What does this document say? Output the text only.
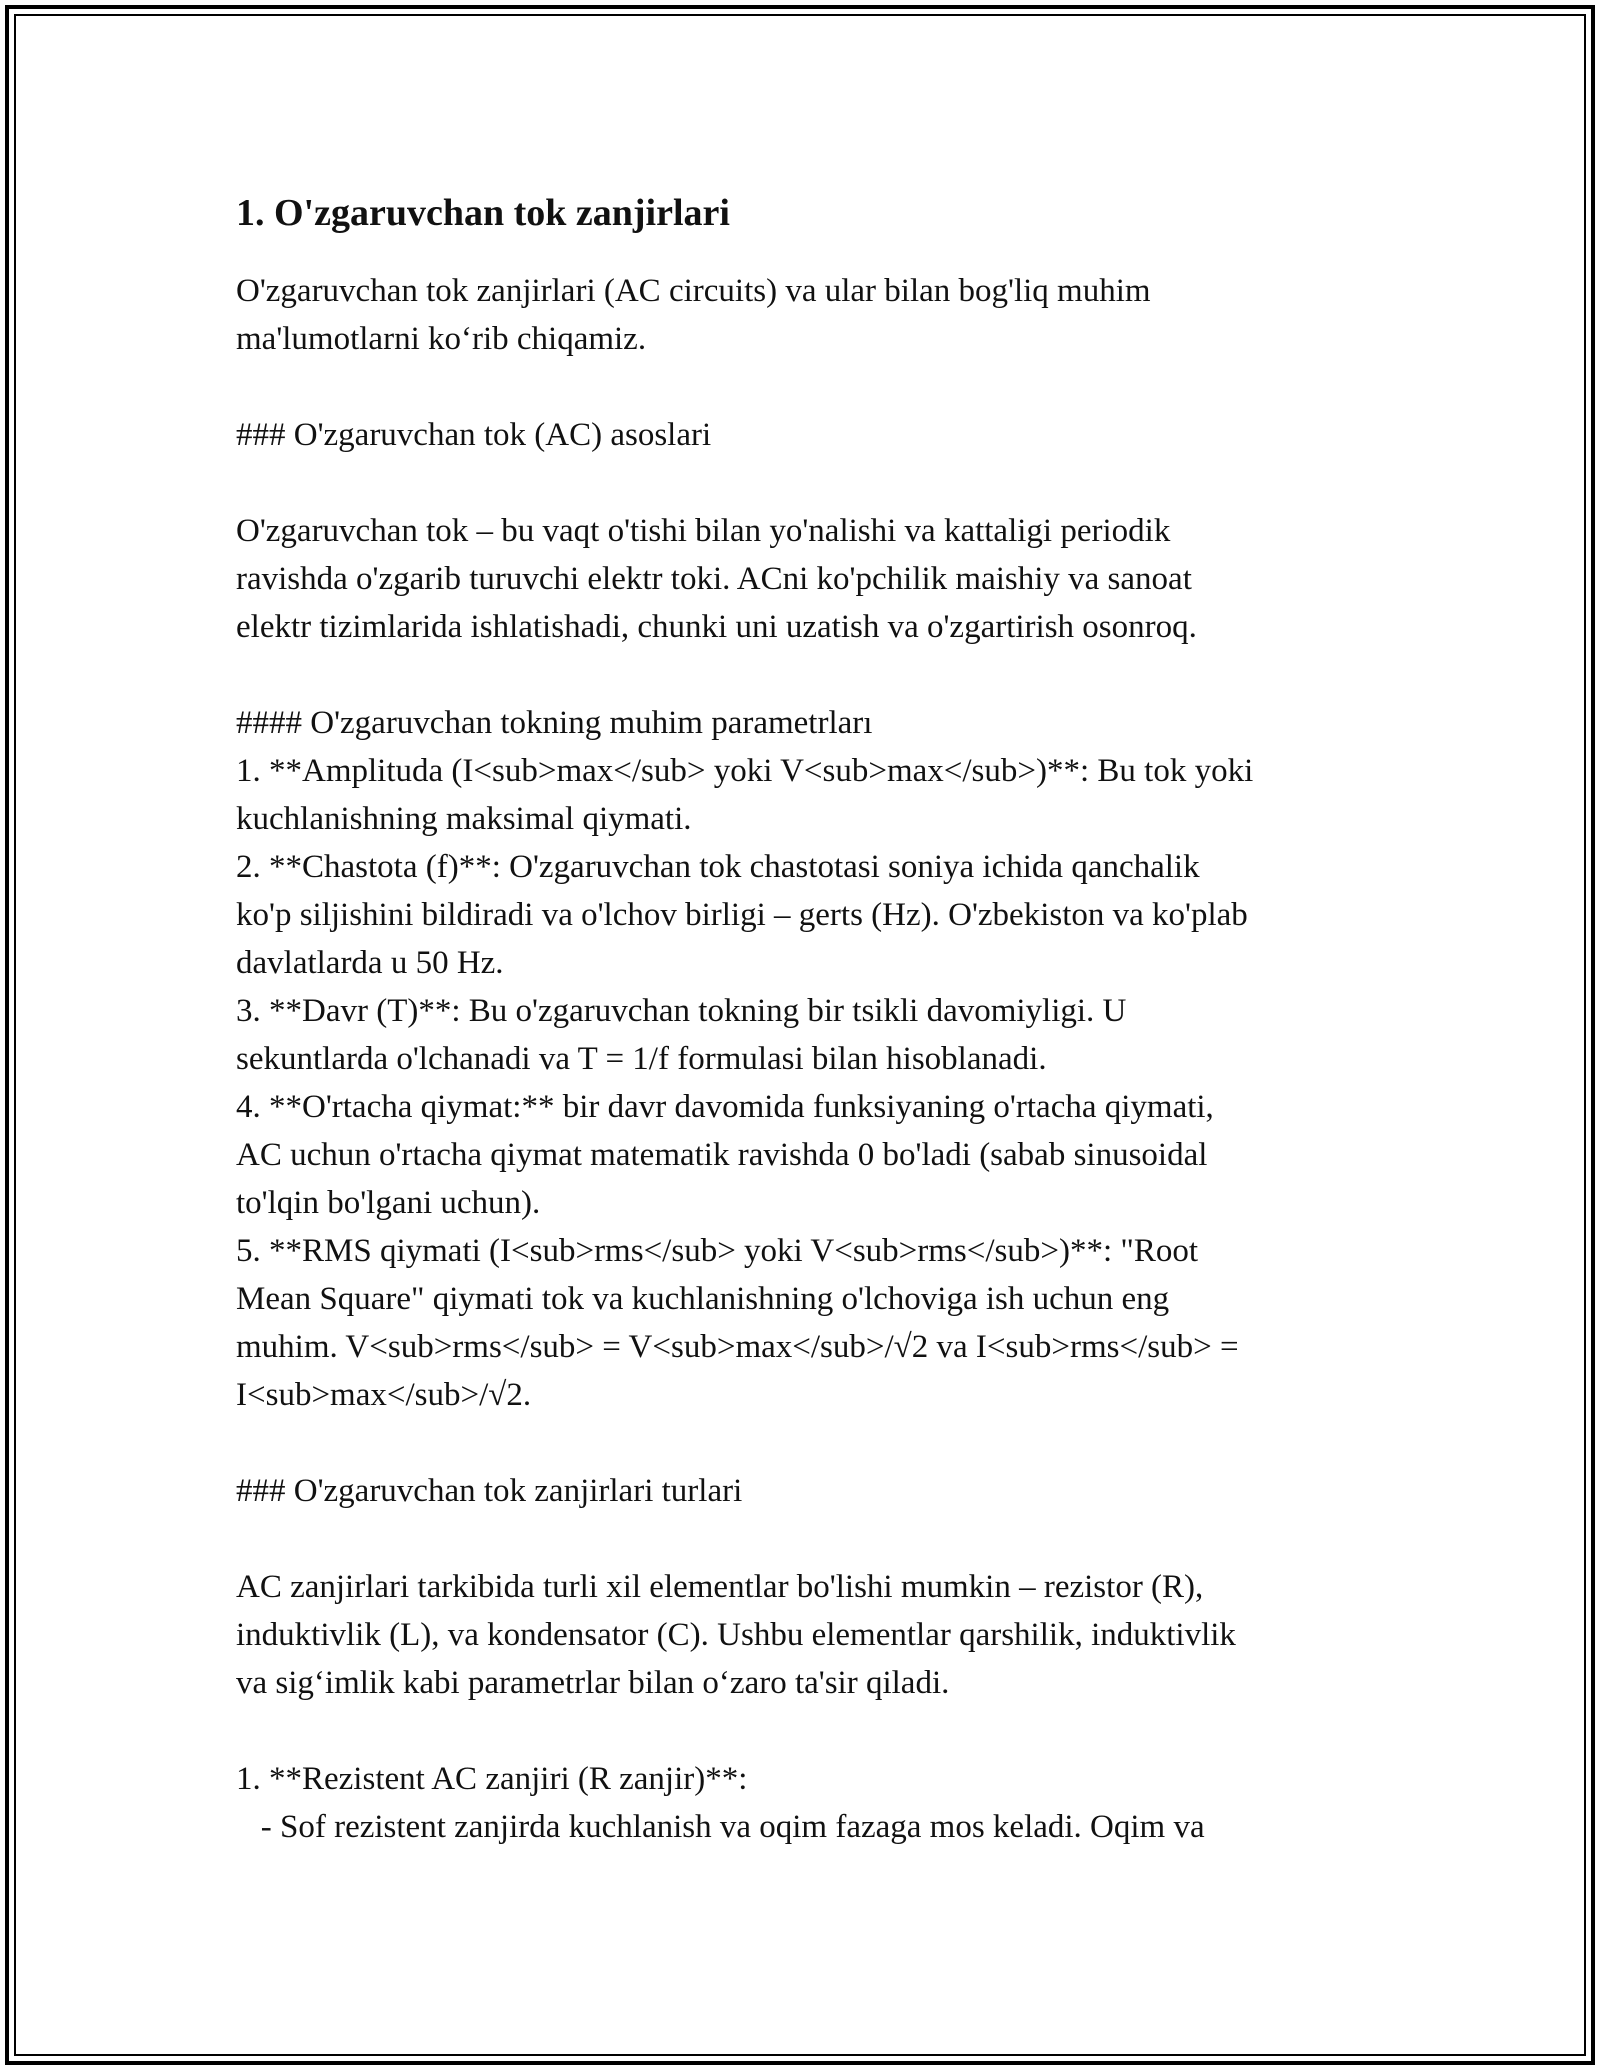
1. O'zgaruvchan tok zanjirlari

O'zgaruvchan tok zanjirlari (AC circuits) va ular bilan bog'liq muhim

ma'lumotlarni ko‘rib chiqamiz.

### O'zgaruvchan tok (AC) asoslari

O'zgaruvchan tok – bu vaqt o'tishi bilan yo'nalishi va kattaligi periodik

ravishda o'zgarib turuvchi elektr toki. ACni ko'pchilik maishiy va sanoat

elektr tizimlarida ishlatishadi, chunki uni uzatish va o'zgartirish osonroq.

#### O'zgaruvchan tokning muhim parametrları

1. **Amplituda (I<sub>max</sub> yoki V<sub>max</sub>)**: Bu tok yoki

kuchlanishning maksimal qiymati.

2. **Chastota (f)**: O'zgaruvchan tok chastotasi soniya ichida qanchalik

ko'p siljishini bildiradi va o'lchov birligi – gerts (Hz). O'zbekiston va ko'plab

davlatlarda u 50 Hz.

3. **Davr (T)**: Bu o'zgaruvchan tokning bir tsikli davomiyligi. U

sekuntlarda o'lchanadi va T = 1/f formulasi bilan hisoblanadi.

4. **O'rtacha qiymat:** bir davr davomida funksiyaning o'rtacha qiymati,

AC uchun o'rtacha qiymat matematik ravishda 0 bo'ladi (sabab sinusoidal

to'lqin bo'lgani uchun).

5. **RMS qiymati (I<sub>rms</sub> yoki V<sub>rms</sub>)**: "Root

Mean Square" qiymati tok va kuchlanishning o'lchoviga ish uchun eng

muhim. V<sub>rms</sub> = V<sub>max</sub>/√2 va I<sub>rms</sub> =

I<sub>max</sub>/√2.

### O'zgaruvchan tok zanjirlari turlari

AC zanjirlari tarkibida turli xil elementlar bo'lishi mumkin – rezistor (R),

induktivlik (L), va kondensator (C). Ushbu elementlar qarshilik, induktivlik

va sig‘imlik kabi parametrlar bilan o‘zaro ta'sir qiladi.

1. **Rezistent AC zanjiri (R zanjir)**:

- Sof rezistent zanjirda kuchlanish va oqim fazaga mos keladi. Oqim va
